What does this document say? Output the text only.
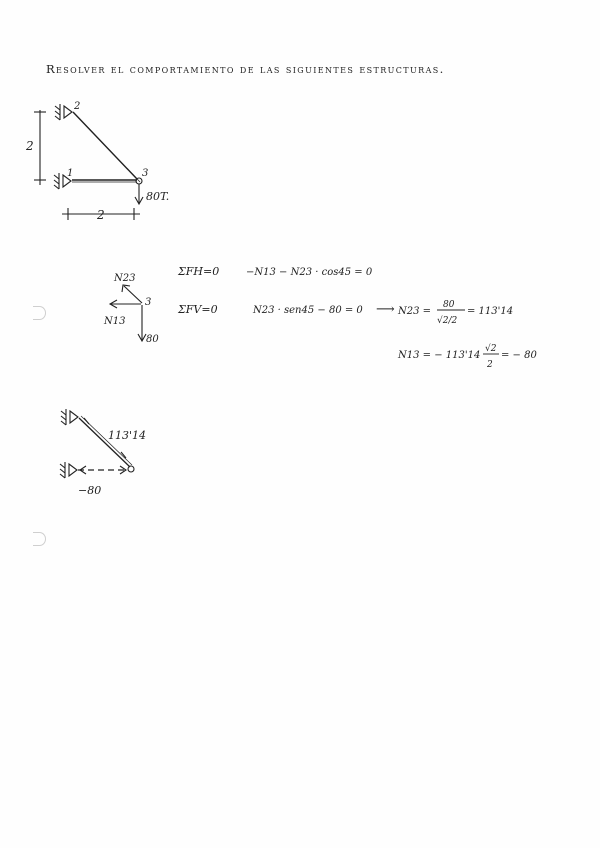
Resolver el comportamiento de las siguientes estructuras.
2
1	3
2
2
80T.
N23
N13
3
80
ΣFH=0	−N13 − N23 · cos45 = 0
ΣFV=0	N23 · sen45 − 80 = 0 ⟶ N23 =
80
√2/2
= 113'14
N13 = − 113'14
√2
2
= − 80
113'14
−80
